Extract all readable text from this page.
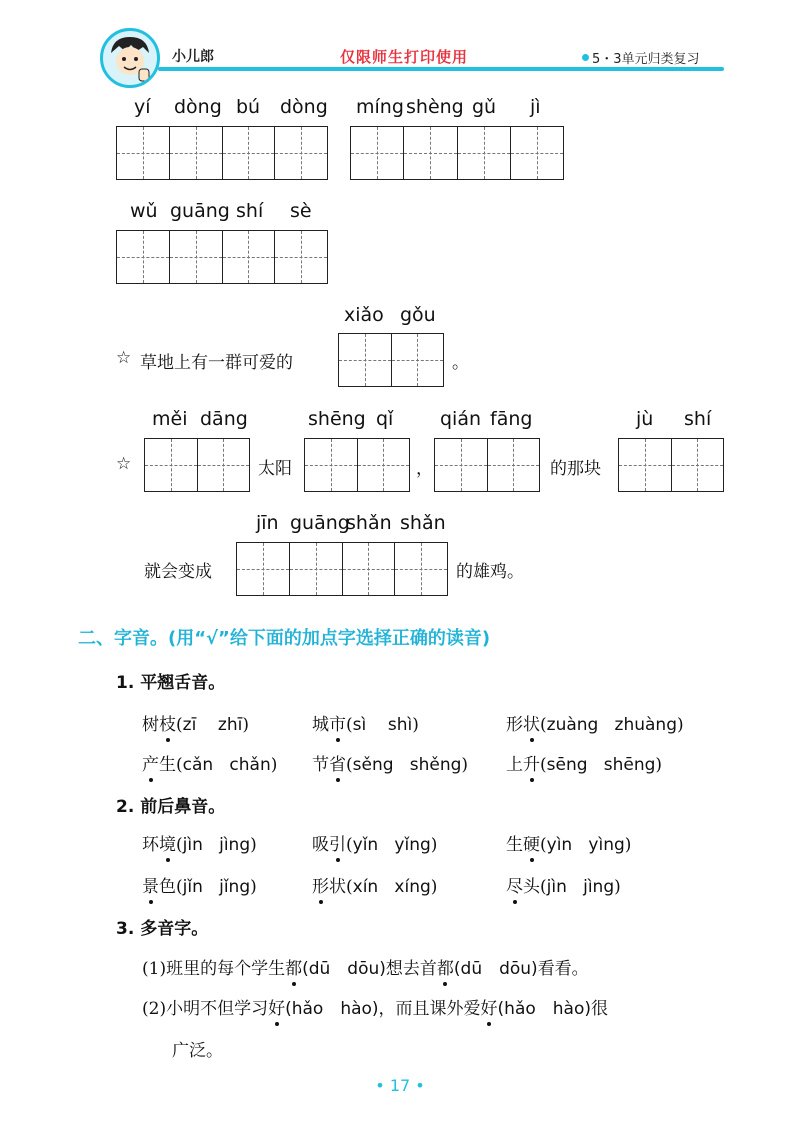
小儿郎	仅限师生打印使用	5・3单元归类复习
yí dòng bú dòng míng shèng gǔ jì
wǔ guāng shí sè
xiǎo gǒu
☆ 草地上有一群可爱的	。
měi dāng	shēng qǐ qián fāng	jù shí
☆	太阳	，	的那块
jīn guāng
shǎn shǎn
就会变成	的雄鸡。
二、字音。(用“√”给下面的加点字选择正确的读音)
1. 平翘舌音。
树枝(zī zhī)	城市(sì shì)	形状(zuàng zhuàng)
产生(cǎn chǎn) 节省(sěng shěng) 上升(sēng shēng)
2. 前后鼻音。
环境(jìn jìng)	吸引(yǐn yǐng)	生硬(yìn yìng)
景色(jǐn jǐng)	形状(xín xíng)	尽头(jìn jìng)
3. 多音字。
(1)班里的每个学生都(dū　dōu)想去首都(dū　dōu)看看。
(2)小明不但学习好(hǎo　hào)，而且课外爱好(hǎo　hào)很
广泛。
• 17 •
